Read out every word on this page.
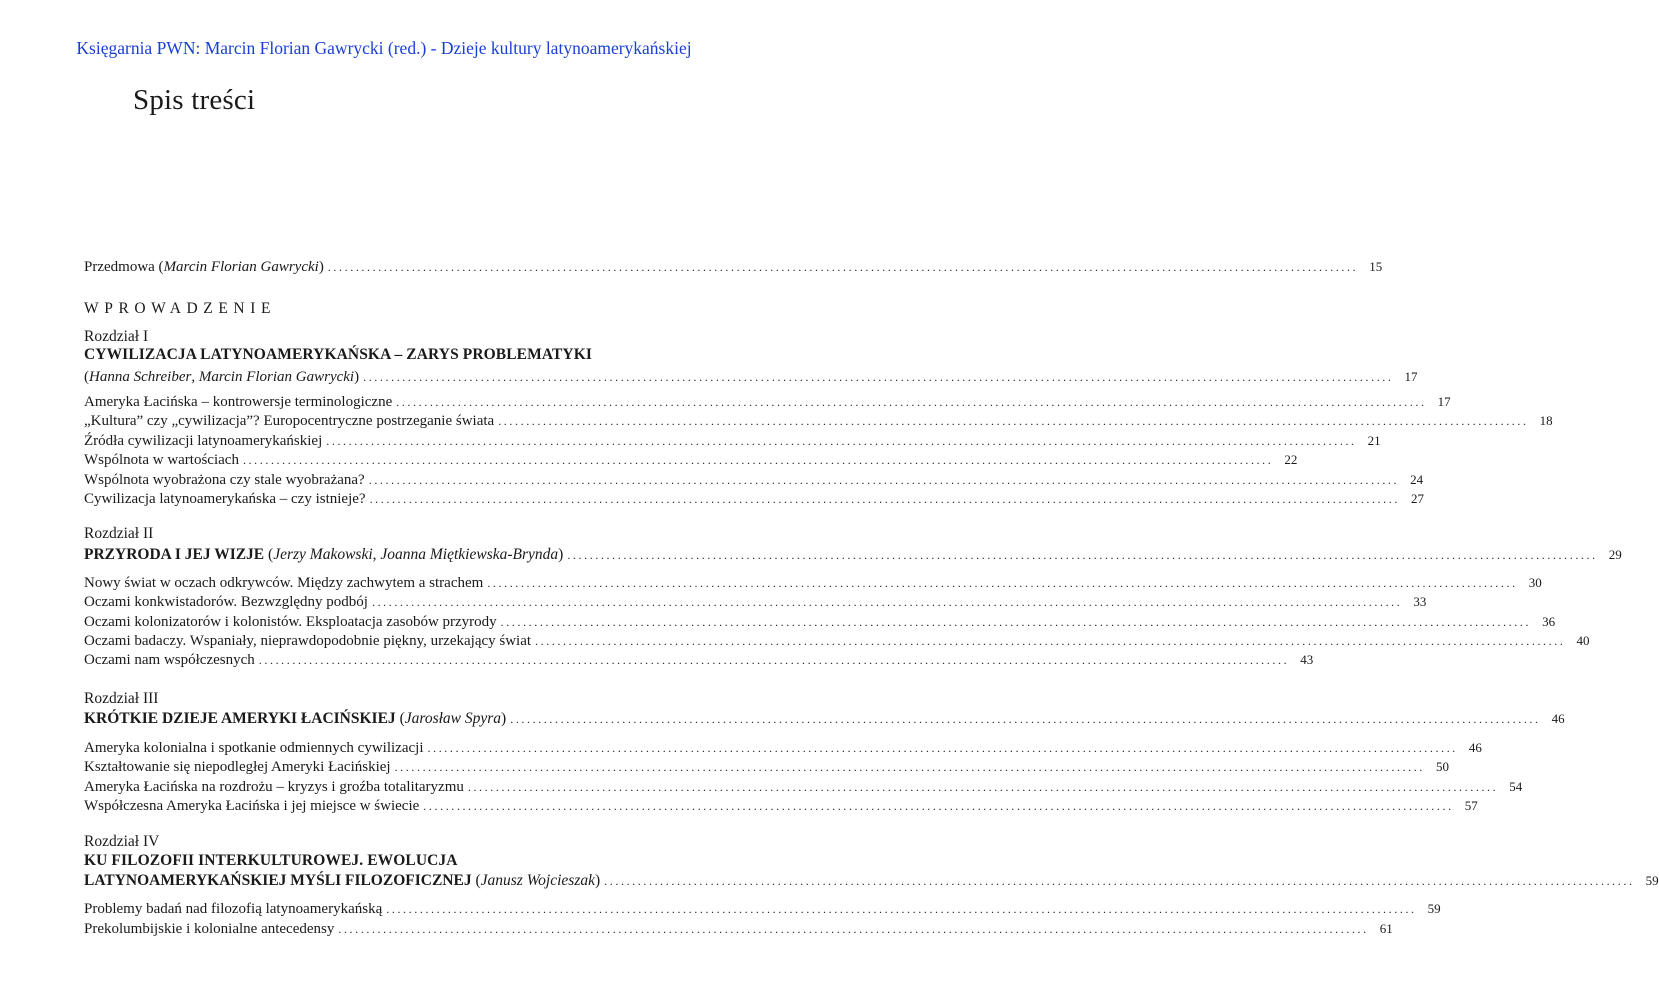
Księgarnia PWN: Marcin Florian Gawrycki (red.) - Dzieje kultury latynoamerykańskiej
Spis treści
Przedmowa (Marcin Florian Gawrycki) .....	15
WPROWADZENIE
Rozdział I
CYWILIZACJA LATYNOAMERYKAŃSKA – ZARYS PROBLEMATYKI
(Hanna Schreiber, Marcin Florian Gawrycki) .....	17
Ameryka Łacińska – kontrowersje terminologiczne .....	17
„Kultura” czy „cywilizacja”? Europocentryczne postrzeganie świata .....	18
Źródła cywilizacji latynoamerykańskiej .....	21
Wspólnota w wartościach .....	22
Wspólnota wyobrażona czy stale wyobrażana? .....	24
Cywilizacja latynoamerykańska – czy istnieje? .....	27
Rozdział II
PRZYRODA I JEJ WIZJE (Jerzy Makowski, Joanna Miętkiewska-Brynda) .....	29
Nowy świat w oczach odkrywców. Między zachwytem a strachem .....	30
Oczami konkwistadorów. Bezwzględny podbój .....	33
Oczami kolonizatorów i kolonistów. Eksploatacja zasobów przyrody .....	36
Oczami badaczy. Wspaniały, nieprawdopodobnie piękny, urzekający świat .....	40
Oczami nam współczesnych .....	43
Rozdział III
KRÓTKIE DZIEJE AMERYKI ŁACIŃSKIEJ (Jarosław Spyra) .....	46
Ameryka kolonialna i spotkanie odmiennych cywilizacji .....	46
Kształtowanie się niepodległej Ameryki Łacińskiej .....	50
Ameryka Łacińska na rozdrożu – kryzys i groźba totalitaryzmu .....	54
Współczesna Ameryka Łacińska i jej miejsce w świecie .....	57
Rozdział IV
KU FILOZOFII INTERKULTUROWEJ. EWOLUCJA
LATYNOAMERYKAŃSKIEJ MYŚLI FILOZOFICZNEJ (Janusz Wojcieszak) .....	59
Problemy badań nad filozofią latynoamerykańską .....	59
Prekolumbijskie i kolonialne antecedensy .....	61
